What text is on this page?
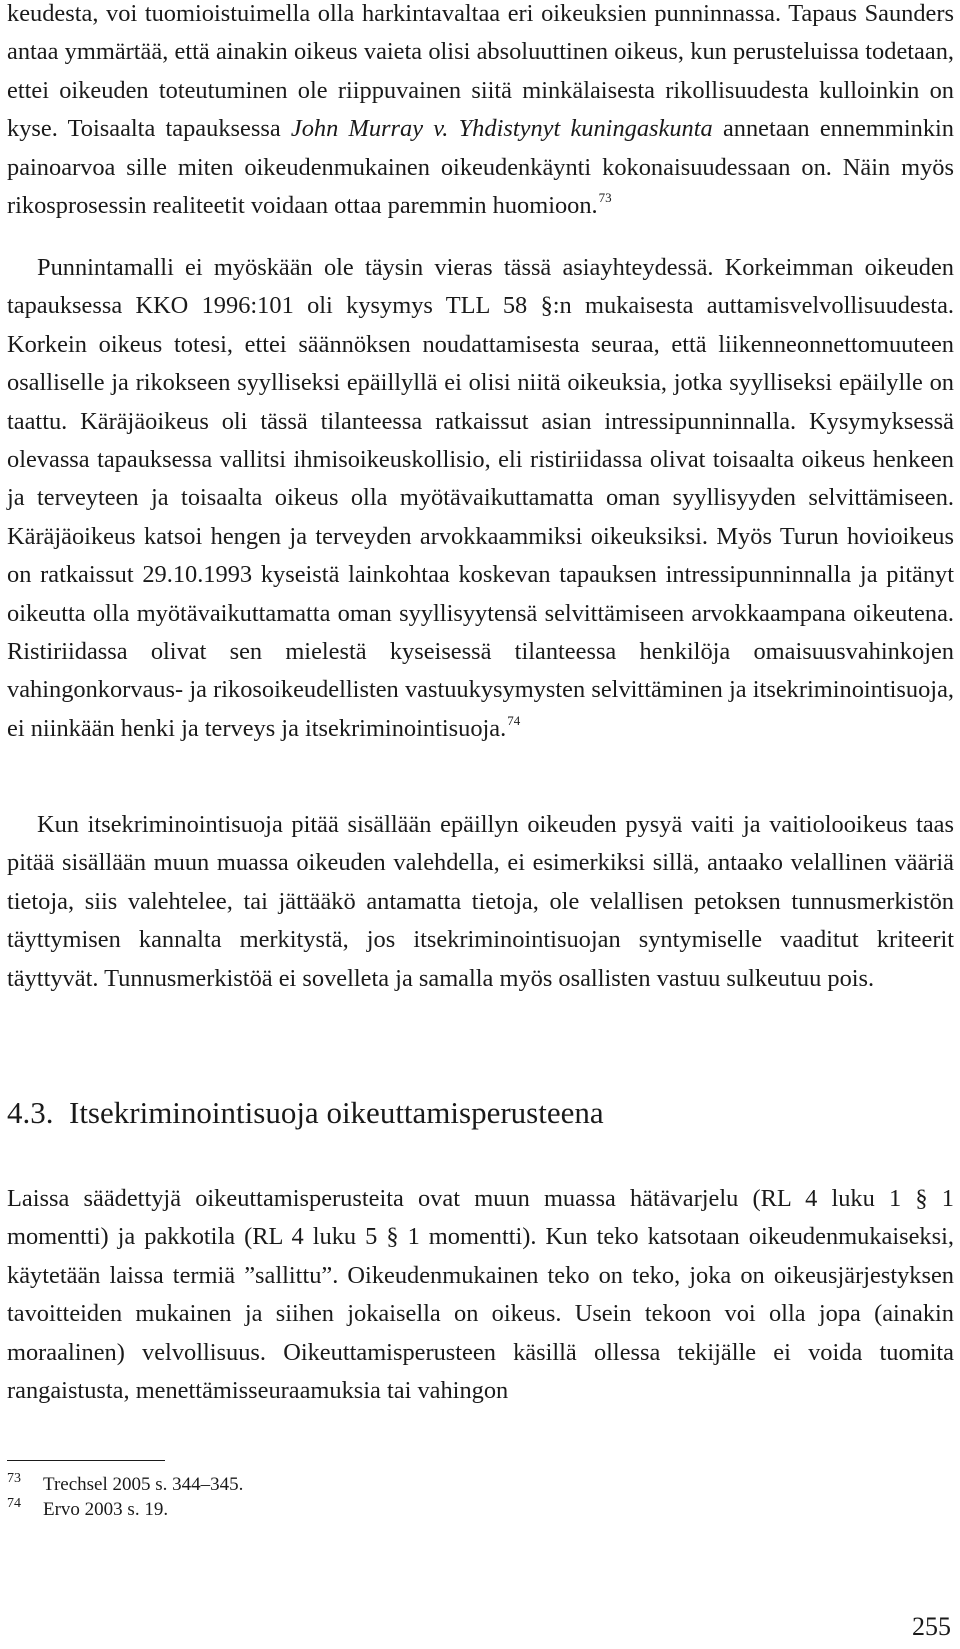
keudesta, voi tuomioistuimella olla harkintavaltaa eri oikeuksien punninnassa. Tapaus Saunders antaa ymmärtää, että ainakin oikeus vaieta olisi absoluuttinen oikeus, kun perusteluissa todetaan, ettei oikeuden toteutuminen ole riippuvainen siitä minkälaisesta rikollisuudesta kulloinkin on kyse. Toisaalta tapauksessa John Murray v. Yhdistynyt kuningaskunta annetaan ennemminkin painoarvoa sille miten oikeudenmukainen oikeudenkäynti kokonaisuudessaan on. Näin myös rikosprosessin realiteetit voidaan ottaa paremmin huomioon.$^{73}$

Punnintamalli ei myöskään ole täysin vieras tässä asiayhteydessä. Korkeimman oikeuden tapauksessa KKO 1996:101 oli kysymys TLL 58 §:n mukaisesta auttamisvelvollisuudesta. Korkein oikeus totesi, ettei säännöksen noudattamisesta seuraa, että liikenneonnettomuuteen osalliselle ja rikokseen syylliseksi epäillyllä ei olisi niitä oikeuksia, jotka syylliseksi epäilylle on taattu. Käräjäoikeus oli tässä tilanteessa ratkaissut asian intressipunninnalla. Kysymyksessä olevassa tapauksessa vallitsi ihmisoikeuskollisio, eli ristiriidassa olivat toisaalta oikeus henkeen ja terveyteen ja toisaalta oikeus olla myötävaikuttamatta oman syyllisyyden selvittämiseen. Käräjäoikeus katsoi hengen ja terveyden arvokkaammiksi oikeuksiksi. Myös Turun hovioikeus on ratkaissut 29.10.1993 kyseistä lainkohtaa koskevan tapauksen intressipunninnalla ja pitänyt oikeutta olla myötävaikuttamatta oman syyllisyytensä selvittämiseen arvokkaampana oikeutena. Ristiriidassa olivat sen mielestä kyseisessä tilanteessa henkilöja omaisuusvahinkojen vahingonkorvaus- ja rikosoikeudellisten vastuukysymysten selvittäminen ja itsekriminointisuoja, ei niinkään henki ja terveys ja itsekriminointisuoja.$^{74}$

Kun itsekriminointisuoja pitää sisällään epäillyn oikeuden pysyä vaiti ja vaitiolooikeus taas pitää sisällään muun muassa oikeuden valehdella, ei esimerkiksi sillä, antaako velallinen vääriä tietoja, siis valehtelee, tai jättääkö antamatta tietoja, ole velallisen petoksen tunnusmerkistön täyttymisen kannalta merkitystä, jos itsekriminointisuojan syntymiselle vaaditut kriteerit täyttyvät. Tunnusmerkistöä ei sovelleta ja samalla myös osallisten vastuu sulkeutuu pois.

4.3. Itsekriminointisuoja oikeuttamisperusteena

Laissa säädettyjä oikeuttamisperusteita ovat muun muassa hätävarjelu (RL 4 luku 1 § 1 momentti) ja pakkotila (RL 4 luku 5 § 1 momentti). Kun teko katsotaan oikeudenmukaiseksi, käytetään laissa termiä ”sallittu”. Oikeudenmukainen teko on teko, joka on oikeusjärjestyksen tavoitteiden mukainen ja siihen jokaisella on oikeus. Usein tekoon voi olla jopa (ainakin moraalinen) velvollisuus. Oikeuttamisperusteen käsillä ollessa tekijälle ei voida tuomita rangaistusta, menettämisseuraamuksia tai vahingon

73 Trechsel 2005 s. 344–345.
74 Ervo 2003 s. 19.
255
